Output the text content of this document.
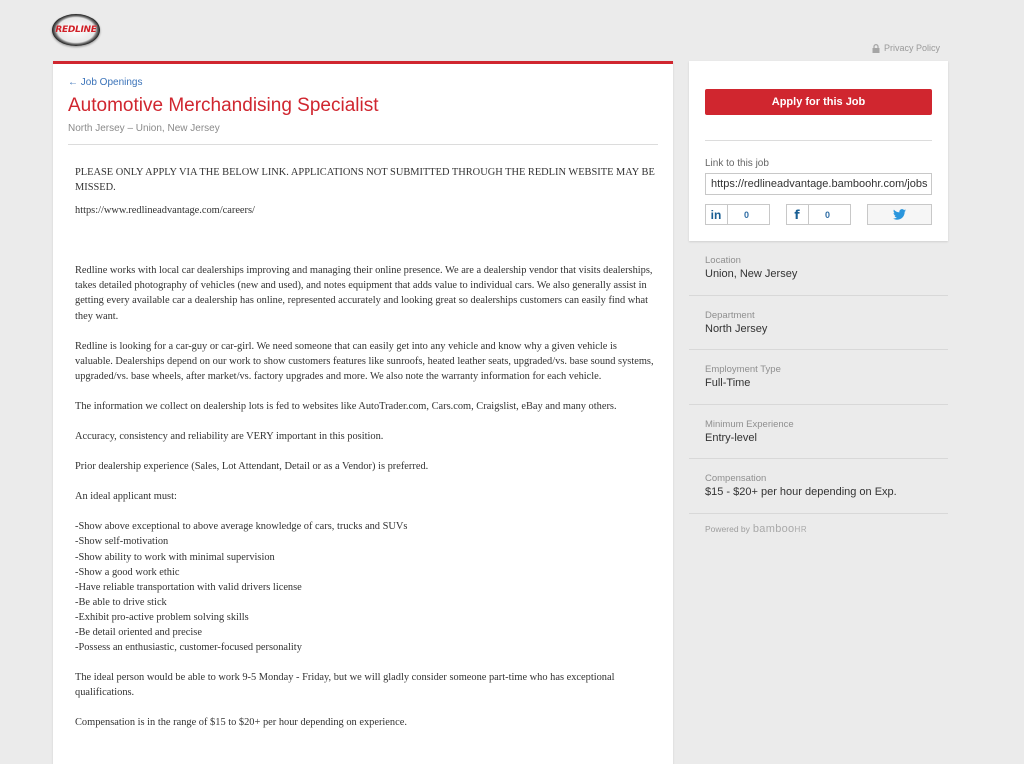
REDLINE
Privacy Policy
← Job Openings
Automotive Merchandising Specialist
North Jersey – Union, New Jersey

PLEASE ONLY APPLY VIA THE BELOW LINK. APPLICATIONS NOT SUBMITTED THROUGH THE REDLIN WEBSITE MAY BE MISSED.

https://www.redlineadvantage.com/careers/

Redline works with local car dealerships improving and managing their online presence. We are a dealership vendor that visits dealerships, takes detailed photography of vehicles (new and used), and notes equipment that adds value to individual cars. We also generally assist in getting every available car a dealership has online, represented accurately and looking great so dealerships customers can easily find what they want.

Redline is looking for a car-guy or car-girl. We need someone that can easily get into any vehicle and know why a given vehicle is valuable. Dealerships depend on our work to show customers features like sunroofs, heated leather seats, upgraded/vs. base sound systems, upgraded/vs. base wheels, after market/vs. factory upgrades and more. We also note the warranty information for each vehicle.

The information we collect on dealership lots is fed to websites like AutoTrader.com, Cars.com, Craigslist, eBay and many others.

Accuracy, consistency and reliability are VERY important in this position.

Prior dealership experience (Sales, Lot Attendant, Detail or as a Vendor) is preferred.

An ideal applicant must:

-Show above exceptional to above average knowledge of cars, trucks and SUVs
-Show self-motivation
-Show ability to work with minimal supervision
-Show a good work ethic
-Have reliable transportation with valid drivers license
-Be able to drive stick
-Exhibit pro-active problem solving skills
-Be detail oriented and precise
-Possess an enthusiastic, customer-focused personality

The ideal person would be able to work 9-5 Monday - Friday, but we will gladly consider someone part-time who has exceptional qualifications.

Compensation is in the range of $15 to $20+ per hour depending on experience.

Apply for this Job
Link to this job
https://redlineadvantage.bamboohr.com/jobs
in	0	f	0
Location
Union, New Jersey
Department
North Jersey
Employment Type
Full-Time
Minimum Experience
Entry-level
Compensation
$15 - $20+ per hour depending on Exp.
Powered by bambooHR
